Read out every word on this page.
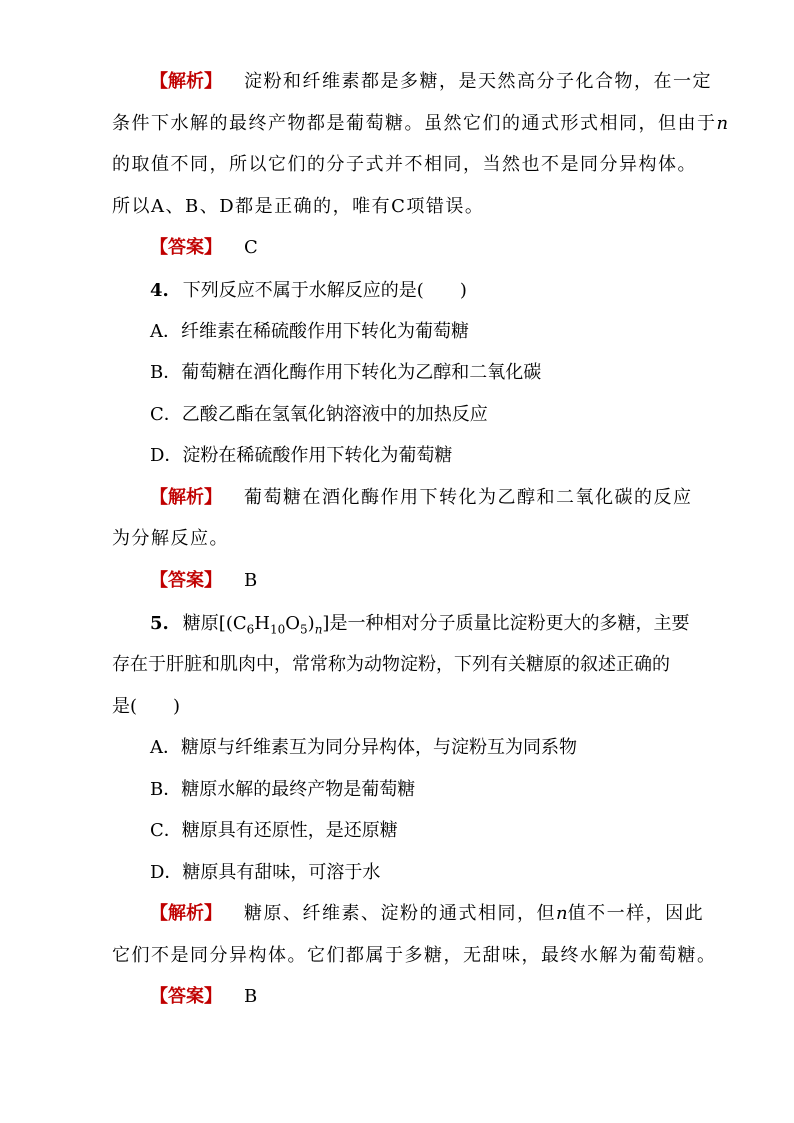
【解析】 淀粉和纤维素都是多糖，是天然高分子化合物，在一定
条件下水解的最终产物都是葡萄糖。虽然它们的通式形式相同，但由于n
的取值不同，所以它们的分子式并不相同，当然也不是同分异构体。
所以A、B、D都是正确的，唯有C项错误。
【答案】 C
4. 下列反应不属于水解反应的是(　　)
A．纤维素在稀硫酸作用下转化为葡萄糖
B．葡萄糖在酒化酶作用下转化为乙醇和二氧化碳
C．乙酸乙酯在氢氧化钠溶液中的加热反应
D．淀粉在稀硫酸作用下转化为葡萄糖
【解析】 葡萄糖在酒化酶作用下转化为乙醇和二氧化碳的反应
为分解反应。
【答案】 B
5. 糖原$[(C_6H_{10}O_5)_n]$是一种相对分子质量比淀粉更大的多糖，主要
存在于肝脏和肌肉中，常常称为动物淀粉，下列有关糖原的叙述正确的
是(　　)
A．糖原与纤维素互为同分异构体，与淀粉互为同系物
B．糖原水解的最终产物是葡萄糖
C．糖原具有还原性，是还原糖
D．糖原具有甜味，可溶于水
【解析】 糖原、纤维素、淀粉的通式相同，但n值不一样，因此
它们不是同分异构体。它们都属于多糖，无甜味，最终水解为葡萄糖。
【答案】 B
